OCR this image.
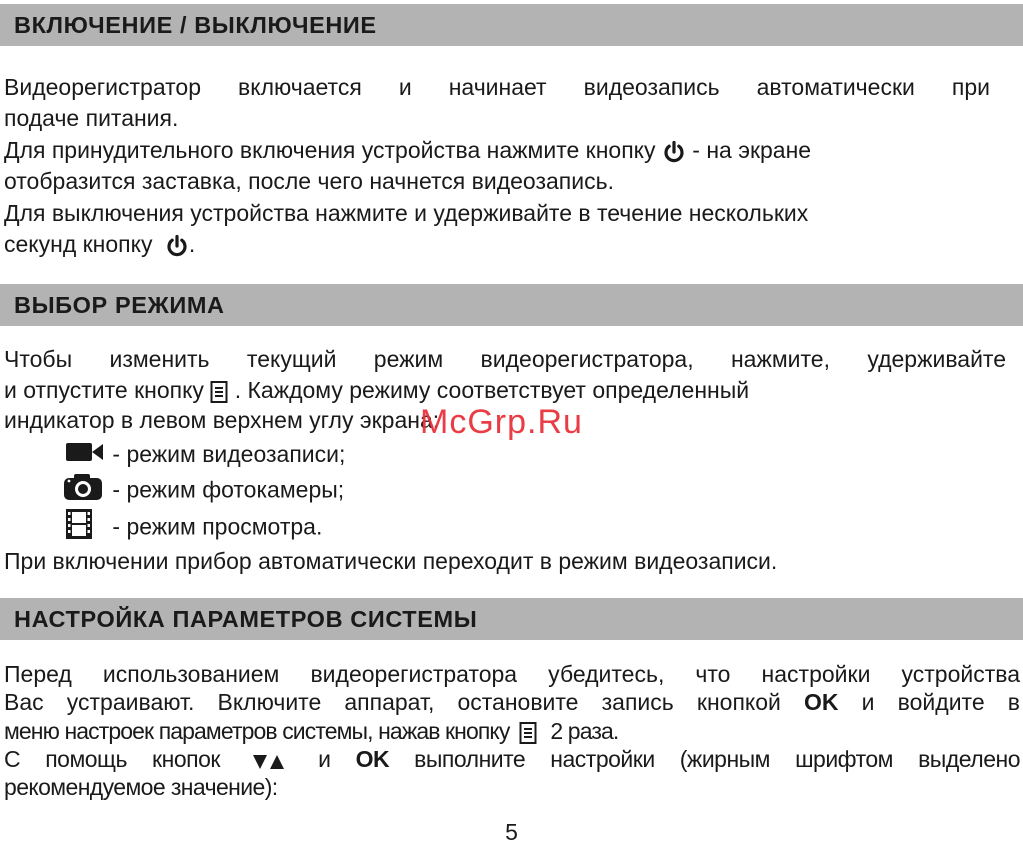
ВКЛЮЧЕНИЕ / ВЫКЛЮЧЕНИЕ
Видеорегистратор включается и начинает видеозапись автоматически при
подаче питания.
Для принудительного включения устройства нажмите кнопку
- на экране
отобразится заставка, после чего начнется видеозапись.
Для выключения устройства нажмите и удерживайте в течение нескольких
секунд кнопку
.
ВЫБОР РЕЖИМА
Чтобы изменить текущий режим видеорегистратора, нажмите, удерживайте
и отпустите кнопку
. Каждому режиму соответствует определенный
индикатор в левом верхнем углу экрана:
- режим видеозаписи;
- режим фотокамеры;
- режим просмотра.
При включении прибор автоматически переходит в режим видеозаписи.
НАСТРОЙКА ПАРАМЕТРОВ СИСТЕМЫ
Перед использованием видеорегистратора убедитесь, что настройки устройства
Вас устраивают. Включите аппарат, остановите запись кнопкой OK и войдите в
меню настроек параметров системы, нажав кнопку
2 раза.
С помощь кнопок
и OK выполните настройки (жирным шрифтом выделено
рекомендуемое значение):
McGrp.Ru
5
